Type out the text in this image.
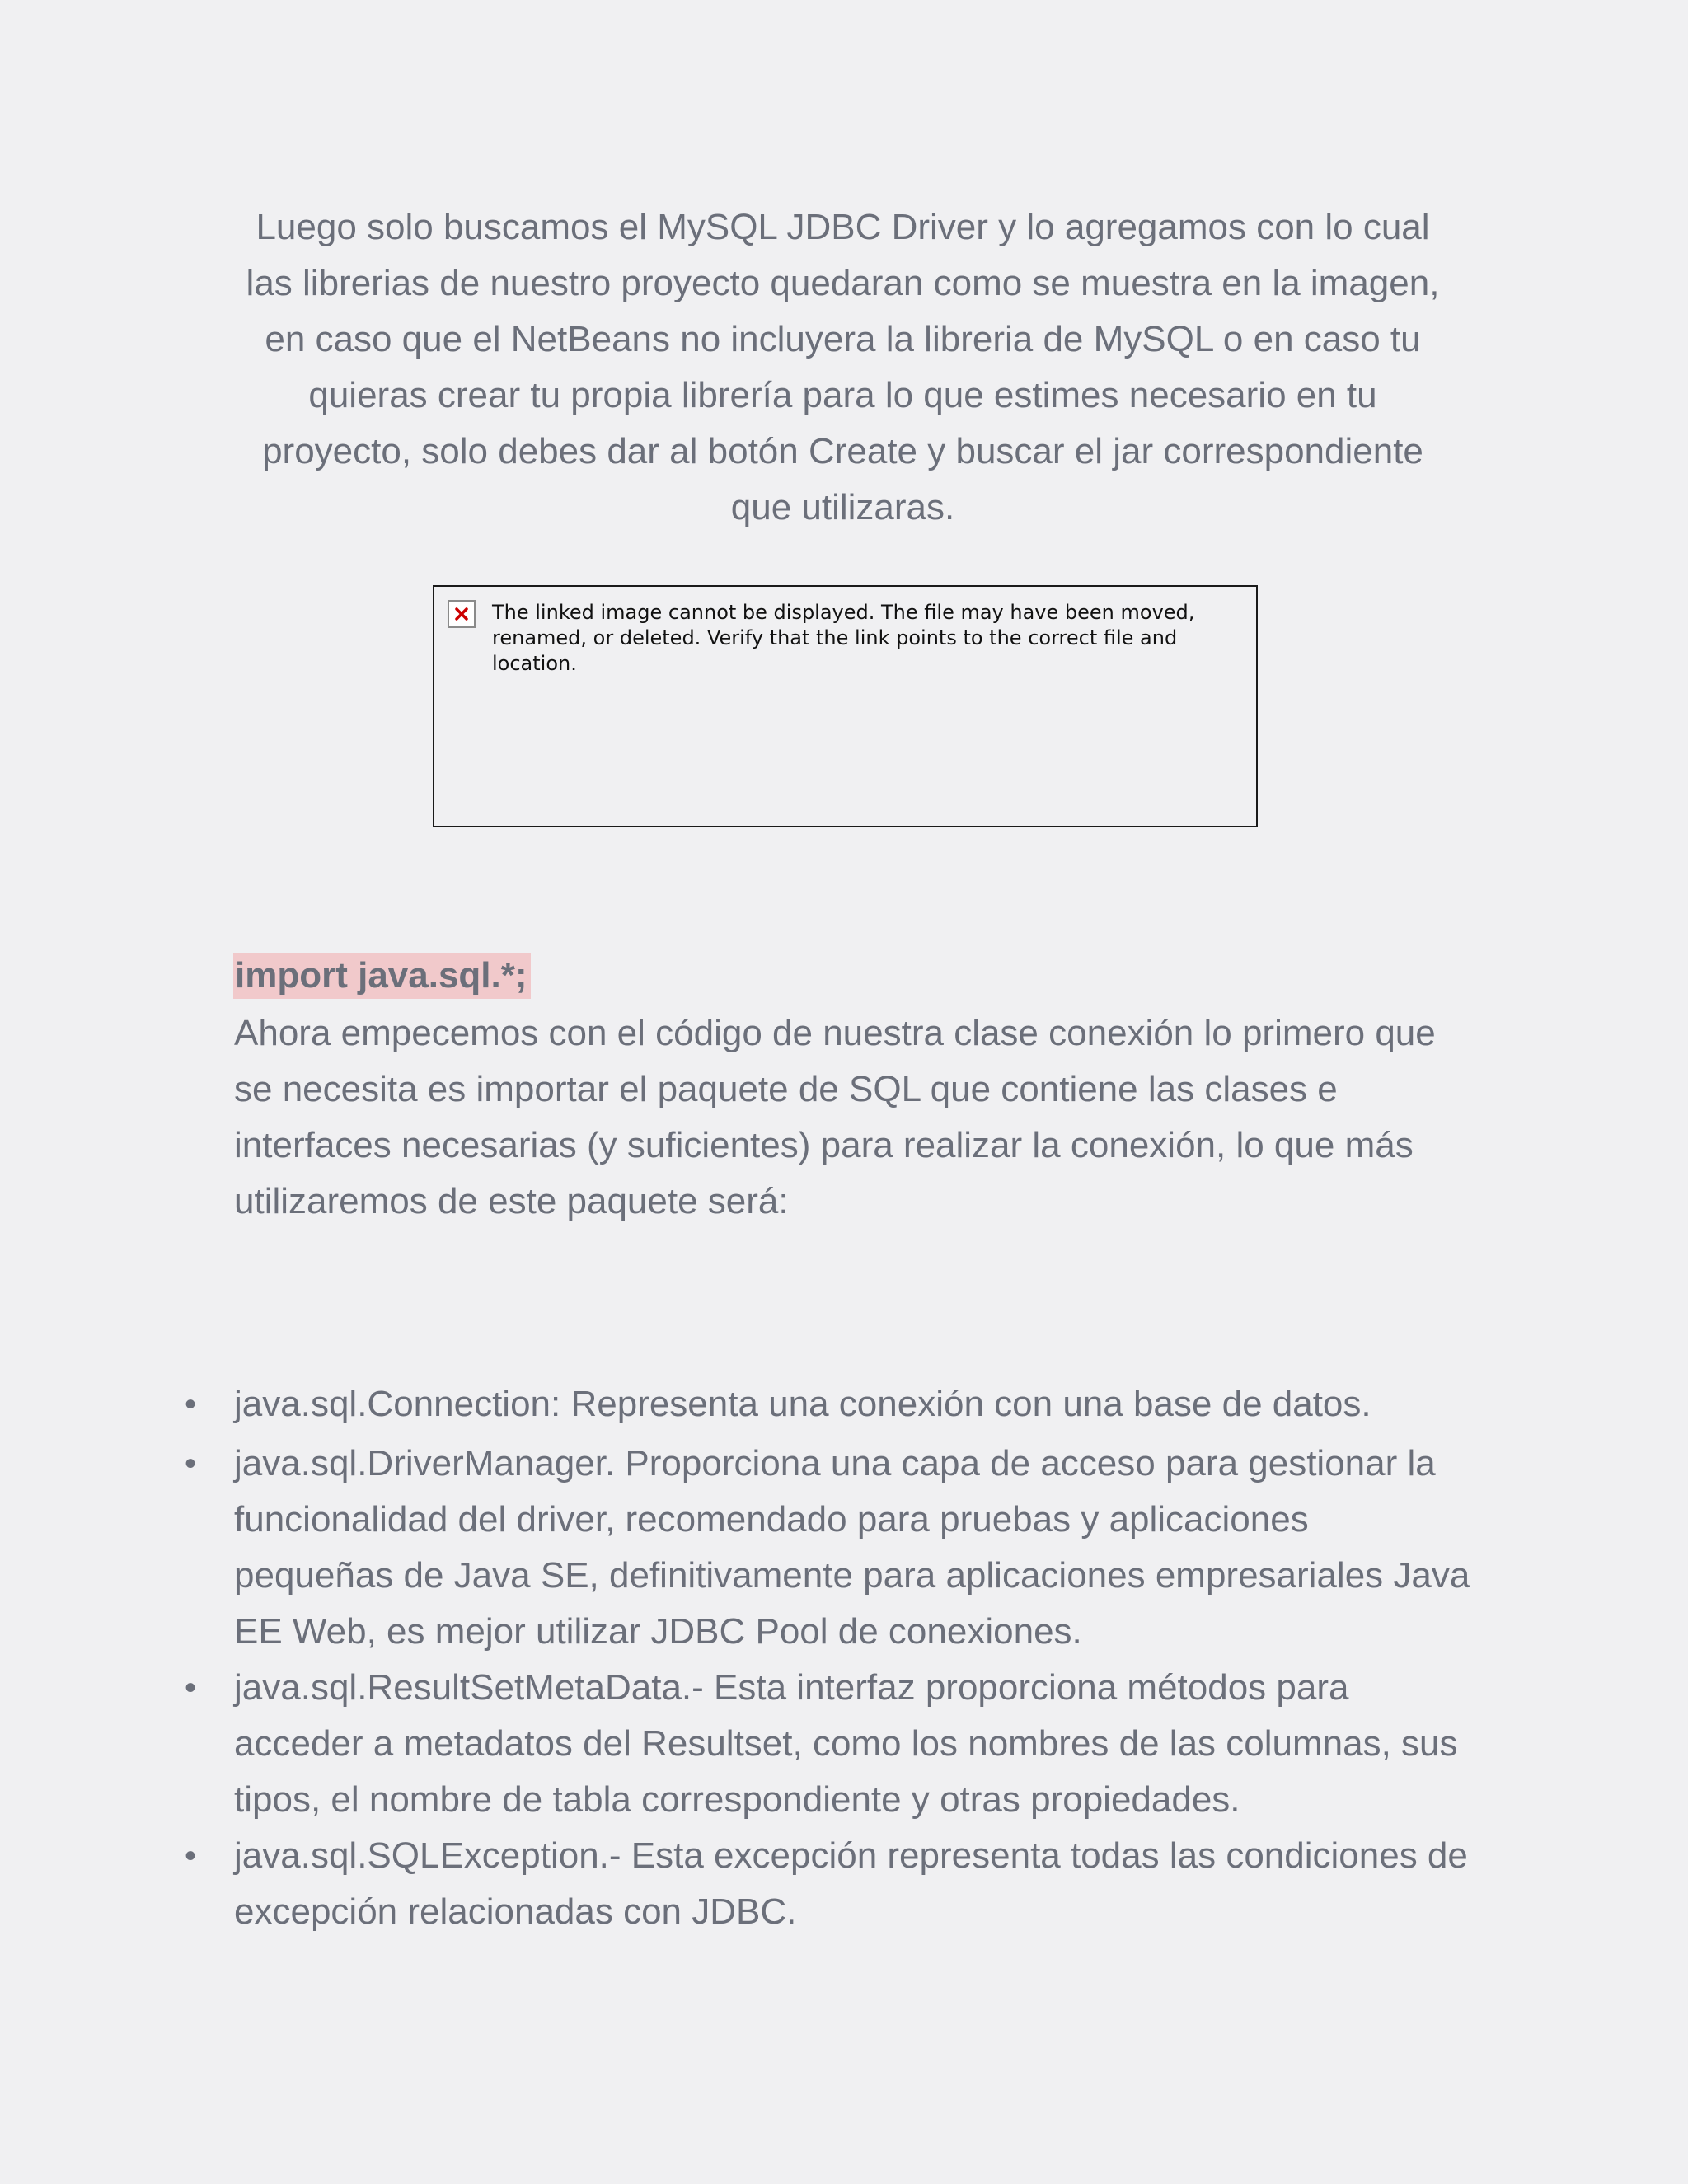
Luego solo buscamos el MySQL JDBC Driver y lo agregamos con lo cual las librerias de nuestro proyecto quedaran como se muestra en la imagen, en caso que el NetBeans no incluyera la libreria de MySQL o en caso tu quieras crear tu propia librería para lo que estimes necesario en tu proyecto, solo debes dar al botón Create y buscar el jar correspondiente que utilizaras.

The linked image cannot be displayed. The file may have been moved, renamed, or deleted. Verify that the link points to the correct file and location.

import java.sql.*;

Ahora empecemos con el código de nuestra clase conexión lo primero que se necesita es importar el paquete de SQL que contiene las clases e interfaces necesarias (y suficientes) para realizar la conexión, lo que más utilizaremos de este paquete será:

• java.sql.Connection: Representa una conexión con una base de datos.
• java.sql.DriverManager. Proporciona una capa de acceso para gestionar la funcionalidad del driver, recomendado para pruebas y aplicaciones pequeñas de Java SE, definitivamente para aplicaciones empresariales Java EE Web, es mejor utilizar JDBC Pool de conexiones.
• java.sql.ResultSetMetaData.- Esta interfaz proporciona métodos para acceder a metadatos del Resultset, como los nombres de las columnas, sus tipos, el nombre de tabla correspondiente y otras propiedades.
• java.sql.SQLException.- Esta excepción representa todas las condiciones de excepción relacionadas con JDBC.
